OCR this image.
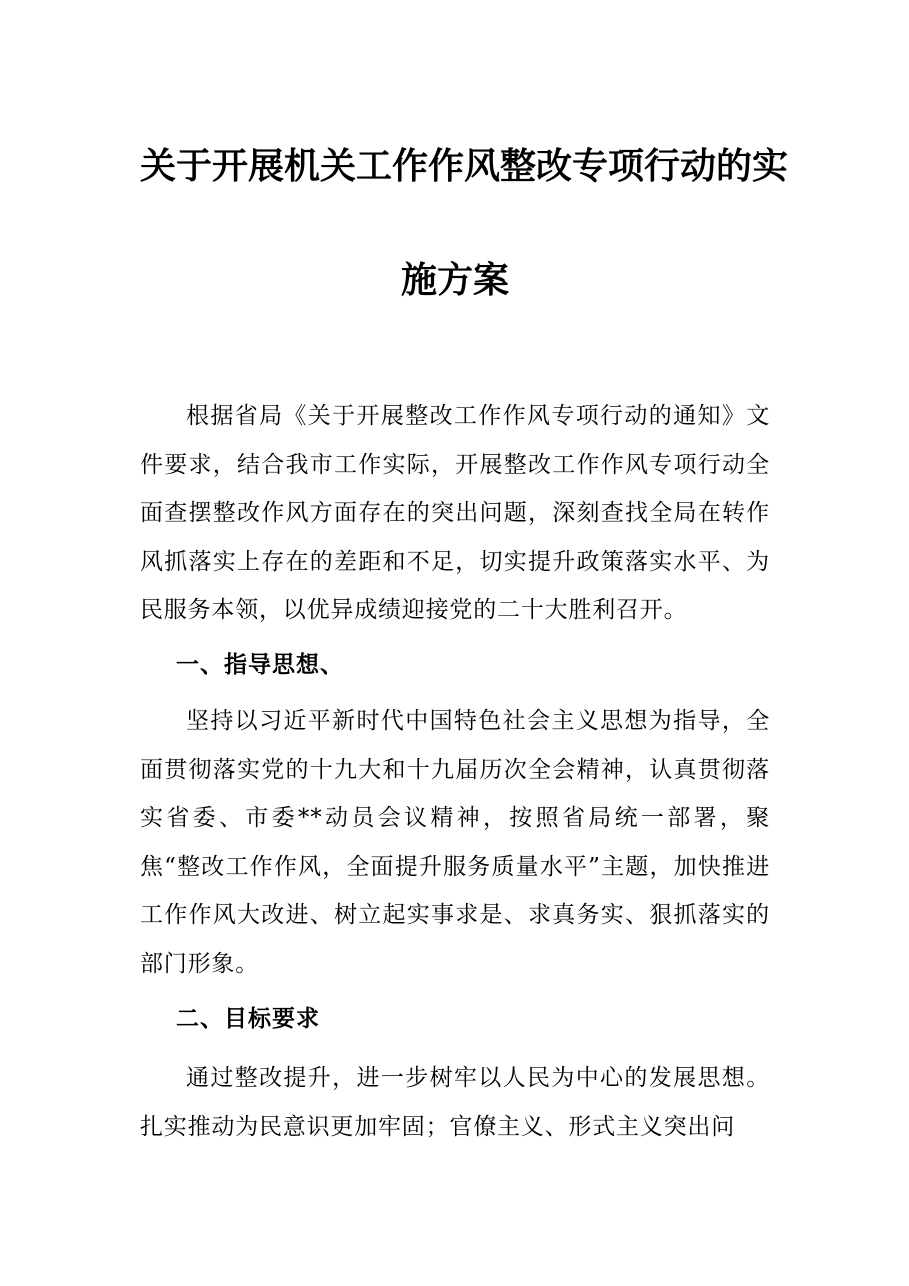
关于开展机关工作作风整改专项行动的实
施方案
根据省局《关于开展整改工作作风专项行动的通知》文件要求，结合我市工作实际，开展整改工作作风专项行动全面查摆整改作风方面存在的突出问题，深刻查找全局在转作风抓落实上存在的差距和不足，切实提升政策落实水平、为民服务本领，以优异成绩迎接党的二十大胜利召开。
一、指导思想、
坚持以习近平新时代中国特色社会主义思想为指导，全面贯彻落实党的十九大和十九届历次全会精神，认真贯彻落实省委、市委**动员会议精神，按照省局统一部署，聚焦“整改工作作风，全面提升服务质量水平”主题，加快推进工作作风大改进、树立起实事求是、求真务实、狠抓落实的部门形象。
二、目标要求
通过整改提升，进一步树牢以人民为中心的发展思想。扎实推动为民意识更加牢固；官僚主义、形式主义突出问
